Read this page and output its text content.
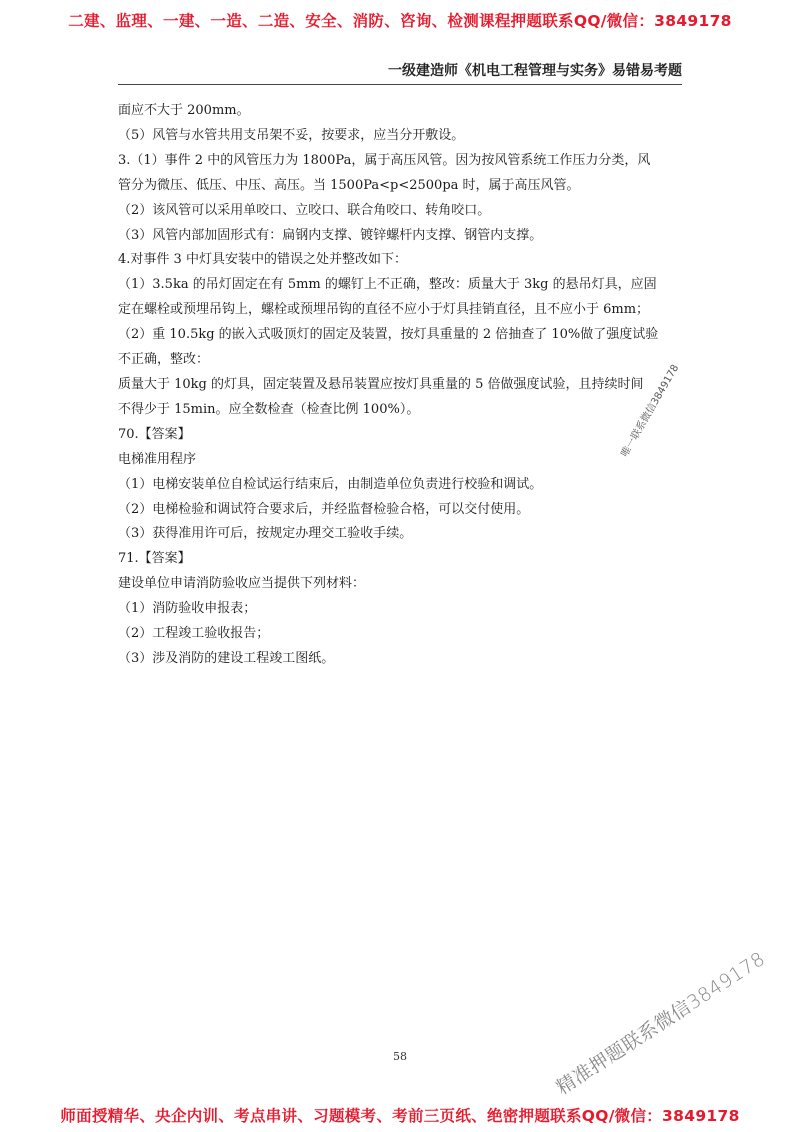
二建、监理、一建、一造、二造、安全、消防、咨询、检测课程押题联系QQ/微信：3849178
一级建造师《机电工程管理与实务》易错易考题

面应不大于 200mm。

（5）风管与水管共用支吊架不妥，按要求，应当分开敷设。

3.（1）事件 2 中的风管压力为 1800Pa，属于高压风管。因为按风管系统工作压力分类，风

管分为微压、低压、中压、高压。当 1500Pa<p<2500pa 时，属于高压风管。

（2）该风管可以采用单咬口、立咬口、联合角咬口、转角咬口。

（3）风管内部加固形式有：扁钢内支撑、镀锌螺杆内支撑、钢管内支撑。

4.对事件 3 中灯具安装中的错误之处并整改如下：

（1）3.5ka 的吊灯固定在有 5mm 的螺钉上不正确，整改：质量大于 3kg 的悬吊灯具，应固

定在螺栓或预埋吊钩上，螺栓或预埋吊钩的直径不应小于灯具挂销直径，且不应小于 6mm；

（2）重 10.5kg 的嵌入式吸顶灯的固定及装置，按灯具重量的 2 倍抽查了 10%做了强度试验

不正确，整改：

质量大于 10kg 的灯具，固定装置及悬吊装置应按灯具重量的 5 倍做强度试验，且持续时间

不得少于 15min。应全数检查（检查比例 100%）。

70.【答案】

电梯准用程序

（1）电梯安装单位自检试运行结束后，由制造单位负责进行校验和调试。

（2）电梯检验和调试符合要求后，并经监督检验合格，可以交付使用。

（3）获得准用许可后，按规定办理交工验收手续。

71.【答案】

建设单位申请消防验收应当提供下列材料：

（1）消防验收申报表；

（2）工程竣工验收报告；

（3）涉及消防的建设工程竣工图纸。

唯一联系微信3849178
精准押题联系微信3849178
58
师面授精华、央企内训、考点串讲、习题模考、考前三页纸、绝密押题联系QQ/微信：3849178
